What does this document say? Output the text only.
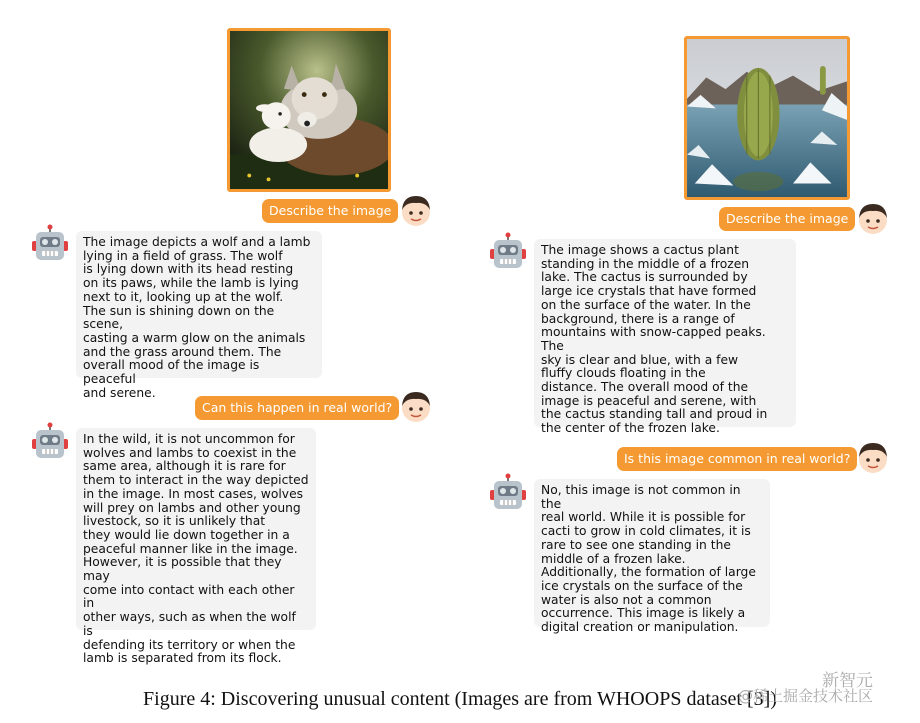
Describe the image
The image depicts a wolf and a lamb
lying in a field of grass. The wolf
is lying down with its head resting
on its paws, while the lamb is lying
next to it, looking up at the wolf.
The sun is shining down on the scene,
casting a warm glow on the animals
and the grass around them. The
overall mood of the image is peaceful
and serene.
Can this happen in real world?
In the wild, it is not uncommon for
wolves and lambs to coexist in the
same area, although it is rare for
them to interact in the way depicted
in the image. In most cases, wolves
will prey on lambs and other young
livestock, so it is unlikely that
they would lie down together in a
peaceful manner like in the image.
However, it is possible that they may
come into contact with each other in
other ways, such as when the wolf is
defending its territory or when the
lamb is separated from its flock.
Describe the image
The image shows a cactus plant
standing in the middle of a frozen
lake. The cactus is surrounded by
large ice crystals that have formed
on the surface of the water. In the
background, there is a range of
mountains with snow-capped peaks. The
sky is clear and blue, with a few
fluffy clouds floating in the
distance. The overall mood of the
image is peaceful and serene, with
the cactus standing tall and proud in
the center of the frozen lake.
Is this image common in real world?
No, this image is not common in the
real world. While it is possible for
cacti to grow in cold climates, it is
rare to see one standing in the
middle of a frozen lake.
Additionally, the formation of large
ice crystals on the surface of the
water is also not a common
occurrence. This image is likely a
digital creation or manipulation.
Figure 4: Discovering unusual content (Images are from WHOOPS dataset [3])
新智元
@稀土掘金技术社区
